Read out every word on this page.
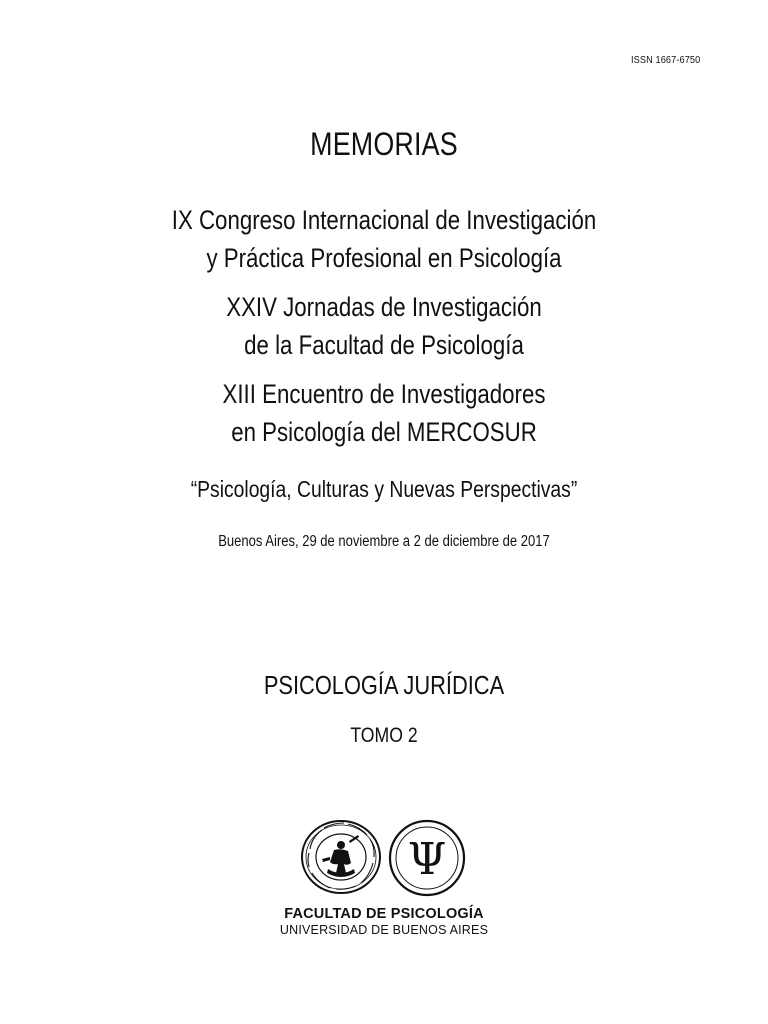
ISSN 1667-6750
MEMORIAS
IX Congreso Internacional de Investigación
y Práctica Profesional en Psicología
XXIV Jornadas de Investigación
de la Facultad de Psicología
XIII Encuentro de Investigadores
en Psicología del MERCOSUR
“Psicología, Culturas y Nuevas Perspectivas”
Buenos Aires, 29 de noviembre a 2 de diciembre de 2017
PSICOLOGÍA JURÍDICA
TOMO 2
Ψ
FACULTAD DE PSICOLOGÍA
UNIVERSIDAD DE BUENOS AIRES
